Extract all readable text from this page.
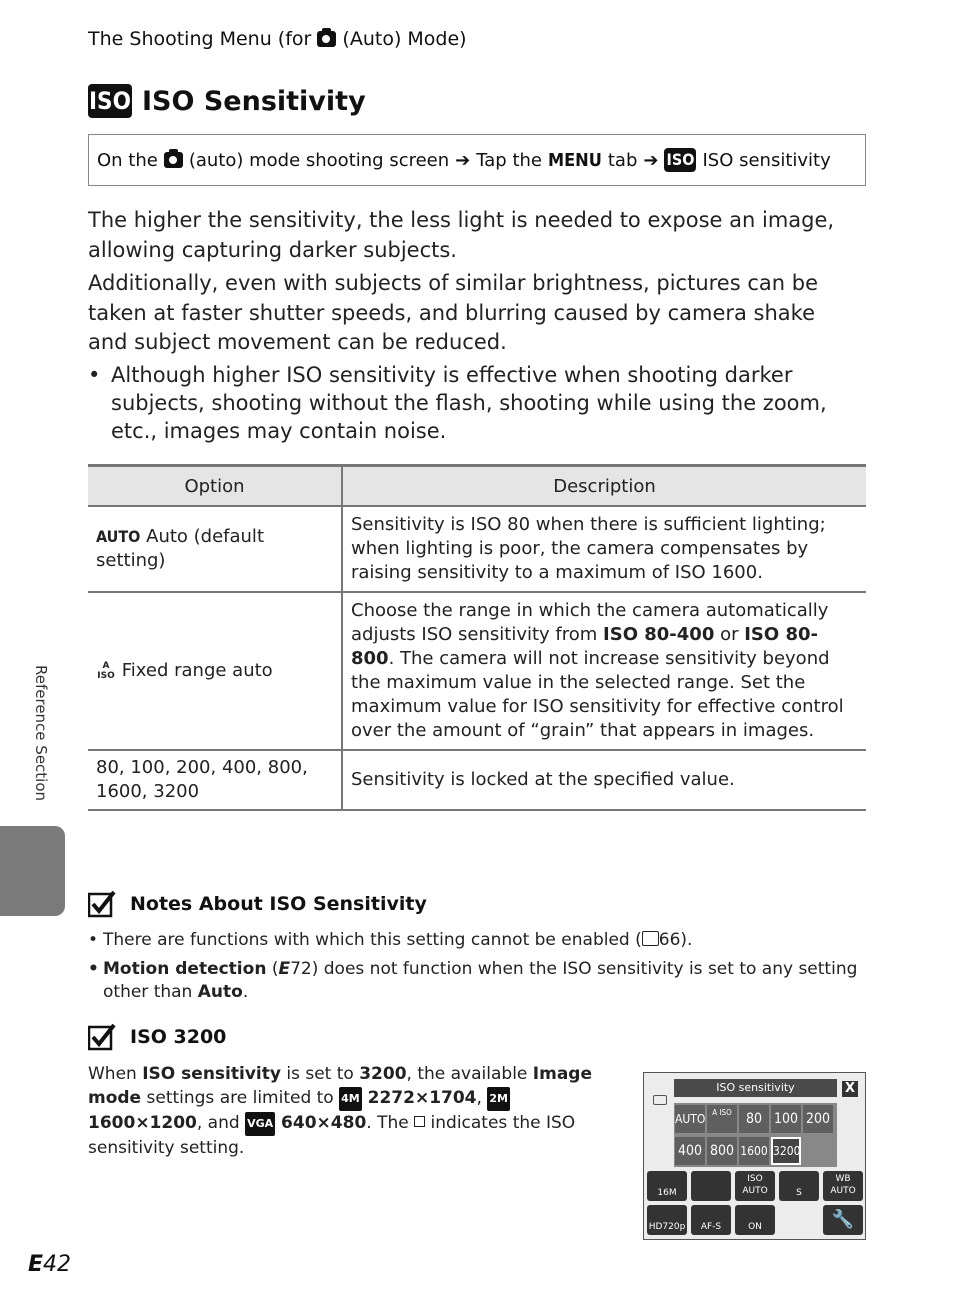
The Shooting Menu (for  (Auto) Mode)
ISO ISO Sensitivity
On the (auto) mode shooting screen ➔ Tap the MENU tab ➔ ISO ISO sensitivity
The higher the sensitivity, the less light is needed to expose an image, allowing capturing darker subjects.
Additionally, even with subjects of similar brightness, pictures can be taken at faster shutter speeds, and blurring caused by camera shake and subject movement can be reduced.
• Although higher ISO sensitivity is effective when shooting darker subjects, shooting without the flash, shooting while using the zoom, etc., images may contain noise.
Option	Description
AUTO Auto (default setting)	Sensitivity is ISO 80 when there is sufficient lighting; when lighting is poor, the camera compensates by raising sensitivity to a maximum of ISO 1600.
A ISO Fixed range auto	Choose the range in which the camera automatically adjusts ISO sensitivity from ISO 80-400 or ISO 80-800. The camera will not increase sensitivity beyond the maximum value in the selected range. Set the maximum value for ISO sensitivity for effective control over the amount of “grain” that appears in images.
80, 100, 200, 400, 800, 1600, 3200	Sensitivity is locked at the specified value.
Reference Section
Notes About ISO Sensitivity
• There are functions with which this setting cannot be enabled ( 66).
• Motion detection (E72) does not function when the ISO sensitivity is set to any setting other than Auto.
ISO 3200
When ISO sensitivity is set to 3200, the available Image mode settings are limited to 4M 2272×1704, 2M 1600×1200, and VGA 640×480. The  indicates the ISO sensitivity setting.
ISO sensitivity	X
AUTO A ISO	80 100 200
400 800 1600 3200
16M
ISO AUTO	S
WB AUTO
HD720p	AF-S	ON	🔧
E42
